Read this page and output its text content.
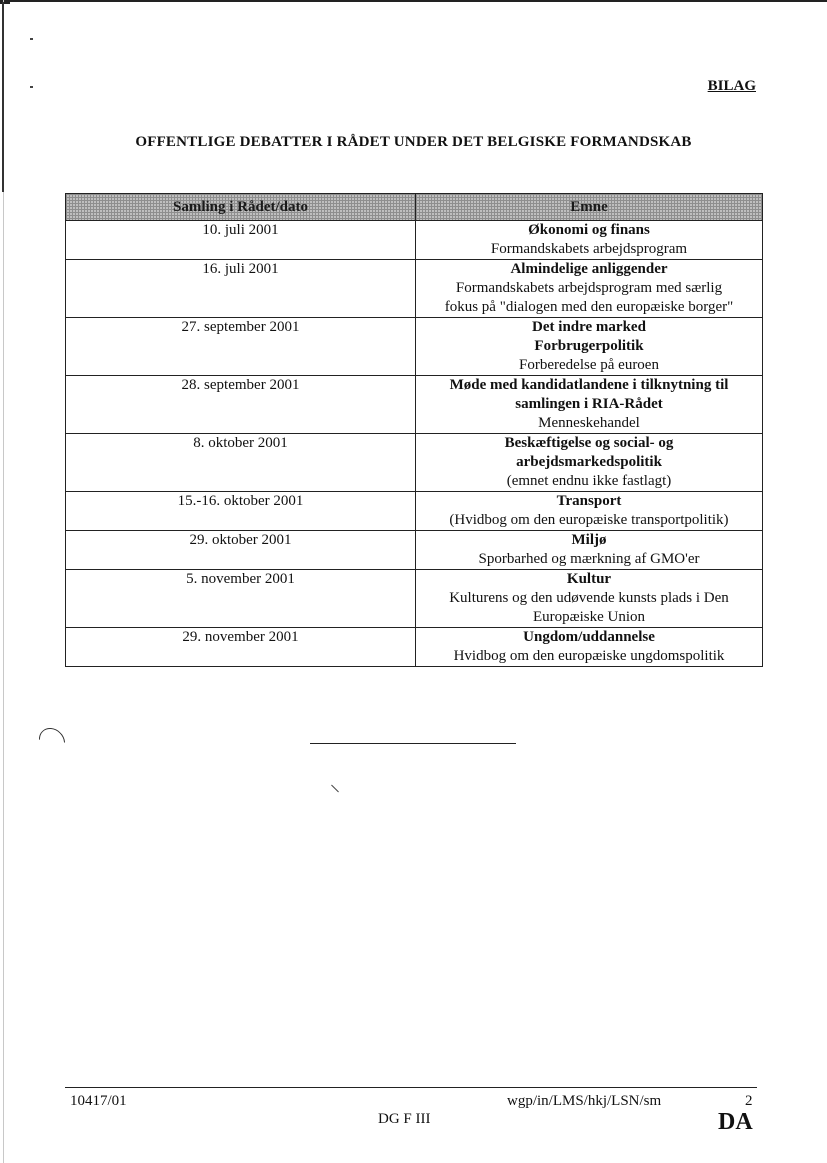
BILAG
OFFENTLIGE DEBATTER I RÅDET UNDER DET BELGISKE FORMANDSKAB
Samling i Rådet/dato	Emne
10. juli 2001	Økonomi og finans
Formandskabets arbejdsprogram

16. juli 2001	Almindelige anliggender
Formandskabets arbejdsprogram med særlig
fokus på "dialogen med den europæiske borger"

27. september 2001	Det indre marked
Forbrugerpolitik
Forberedelse på euroen

28. september 2001	Møde med kandidatlandene i tilknytning til
samlingen i RIA-Rådet
Menneskehandel

8. oktober 2001	Beskæftigelse og social- og
arbejdsmarkedspolitik
(emnet endnu ikke fastlagt)

15.-16. oktober 2001	Transport
(Hvidbog om den europæiske transportpolitik)

29. oktober 2001	Miljø
Sporbarhed og mærkning af GMO'er

5. november 2001	Kultur
Kulturens og den udøvende kunsts plads i Den
Europæiske Union

29. november 2001	Ungdom/uddannelse
Hvidbog om den europæiske ungdomspolitik
10417/01	wgp/in/LMS/hkj/LSN/sm	2
DG F III	DA
